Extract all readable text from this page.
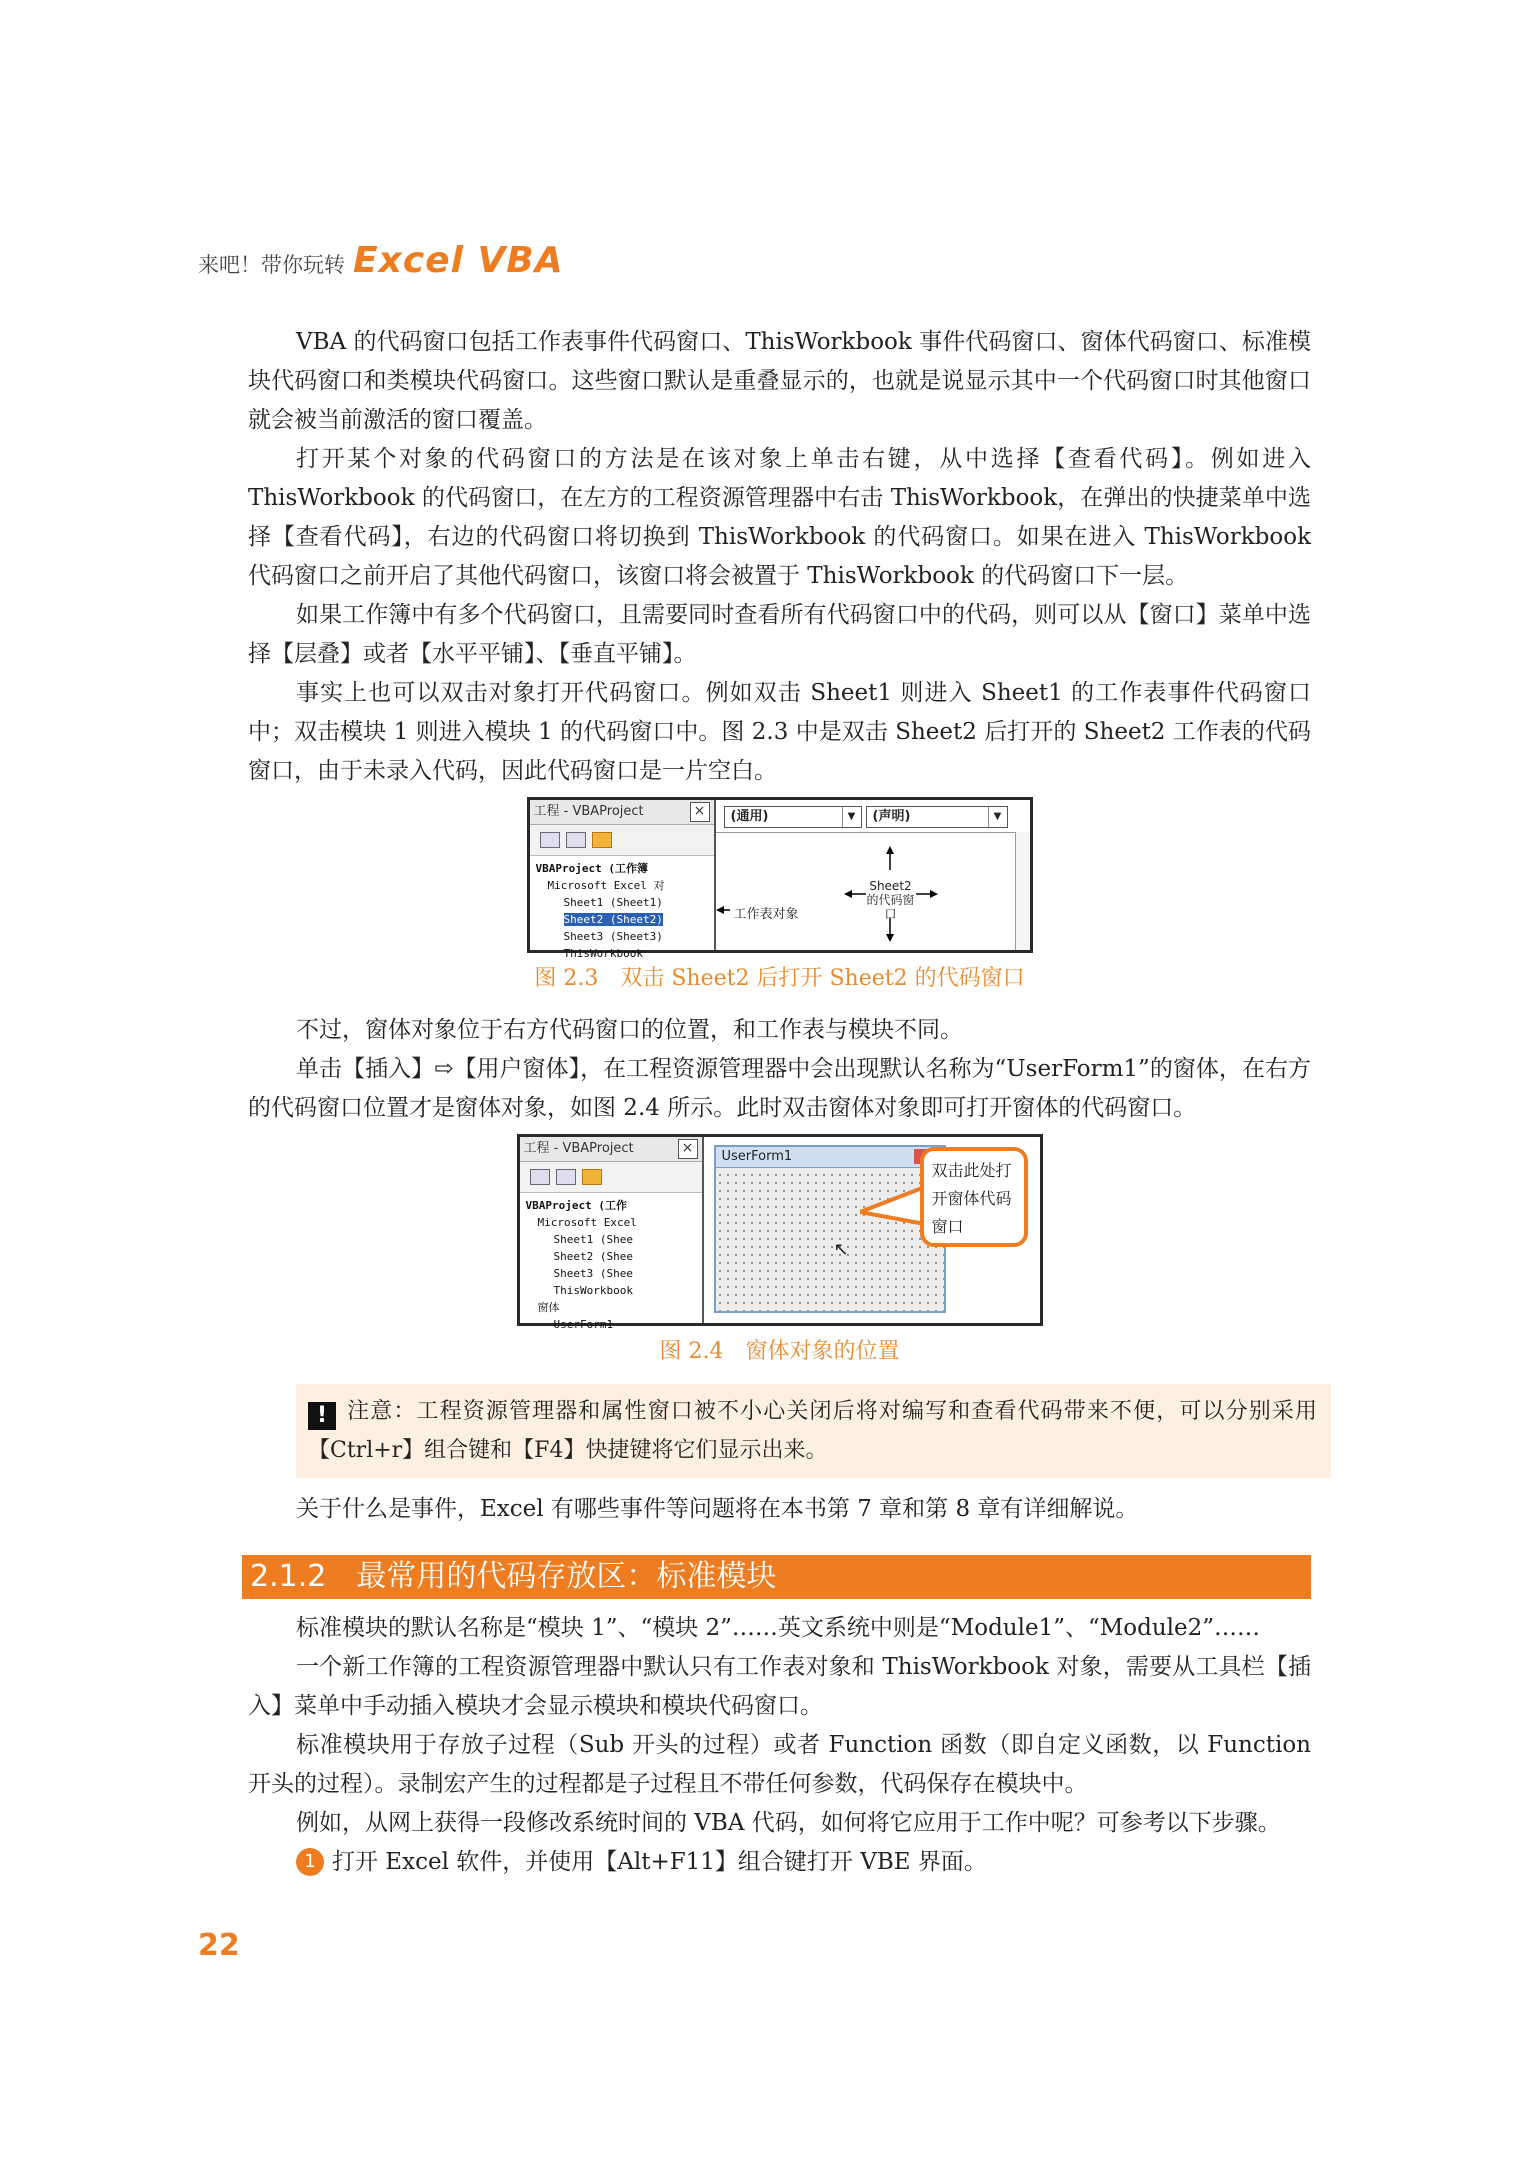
来吧！带你玩转 Excel VBA

VBA 的代码窗口包括工作表事件代码窗口、ThisWorkbook 事件代码窗口、窗体代码窗口、标准模块代码窗口和类模块代码窗口。这些窗口默认是重叠显示的，也就是说显示其中一个代码窗口时其他窗口就会被当前激活的窗口覆盖。

打开某个对象的代码窗口的方法是在该对象上单击右键，从中选择【查看代码】。例如进入 ThisWorkbook 的代码窗口，在左方的工程资源管理器中右击 ThisWorkbook，在弹出的快捷菜单中选择【查看代码】，右边的代码窗口将切换到 ThisWorkbook 的代码窗口。如果在进入 ThisWorkbook 代码窗口之前开启了其他代码窗口，该窗口将会被置于 ThisWorkbook 的代码窗口下一层。

如果工作簿中有多个代码窗口，且需要同时查看所有代码窗口中的代码，则可以从【窗口】菜单中选择【层叠】或者【水平平铺】、【垂直平铺】。

事实上也可以双击对象打开代码窗口。例如双击 Sheet1 则进入 Sheet1 的工作表事件代码窗口中；双击模块 1 则进入模块 1 的代码窗口中。图 2.3 中是双击 Sheet2 后打开的 Sheet2 工作表的代码窗口，由于未录入代码，因此代码窗口是一片空白。

工程 - VBAProject	×
VBAProject (工作簿
Microsoft Excel 对
Sheet1 (Sheet1)
Sheet2 (Sheet2)
Sheet3 (Sheet3)
ThisWorkbook
(通用)	▼	(声明)	▼
工作表对象
Sheet2的代码窗口
图 2.3　双击 Sheet2 后打开 Sheet2 的代码窗口

不过，窗体对象位于右方代码窗口的位置，和工作表与模块不同。

单击【插入】⇨【用户窗体】，在工程资源管理器中会出现默认名称为“UserForm1”的窗体，在右方的代码窗口位置才是窗体对象，如图 2.4 所示。此时双击窗体对象即可打开窗体的代码窗口。

工程 - VBAProject	×
VBAProject (工作
Microsoft Excel
Sheet1 (Shee
Sheet2 (Shee
Sheet3 (Shee
ThisWorkbook
窗体
UserForm1
UserForm1
↖
双击此处打开窗体代码窗口
图 2.4　窗体对象的位置

! 注意：工程资源管理器和属性窗口被不小心关闭后将对编写和查看代码带来不便，可以分别采用【Ctrl+r】组合键和【F4】快捷键将它们显示出来。

关于什么是事件，Excel 有哪些事件等问题将在本书第 7 章和第 8 章有详细解说。

2.1.2　最常用的代码存放区：标准模块

标准模块的默认名称是“模块 1”、“模块 2”……英文系统中则是“Module1”、“Module2”……

一个新工作簿的工程资源管理器中默认只有工作表对象和 ThisWorkbook 对象，需要从工具栏【插入】菜单中手动插入模块才会显示模块和模块代码窗口。

标准模块用于存放子过程（Sub 开头的过程）或者 Function 函数（即自定义函数，以 Function 开头的过程）。录制宏产生的过程都是子过程且不带任何参数，代码保存在模块中。

例如，从网上获得一段修改系统时间的 VBA 代码，如何将它应用于工作中呢？可参考以下步骤。

1 打开 Excel 软件，并使用【Alt+F11】组合键打开 VBE 界面。

22
